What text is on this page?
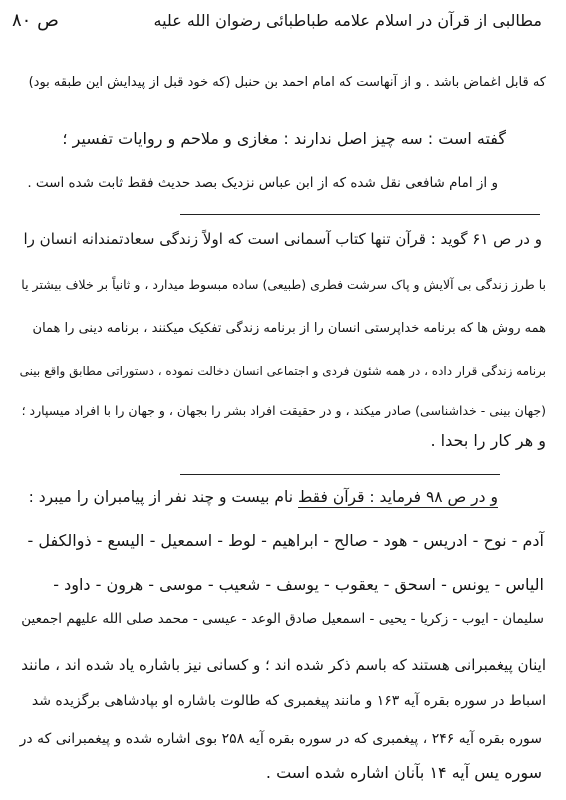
ص ۸۰	مطالبی از قرآن در اسلام علامه طباطبائی رضوان الله علیه
که قابل اغماض باشد . و از آنهاست که امام احمد بن حنبل (که خود قبل از پیدایش این طبقه بود)
گفته است : سه چیز اصل ندارند : مغازی و ملاحم و روایات تفسیر ؛
و از امام شافعی نقل شده که از ابن عباس نزدیک بصد حدیث فقط ثابت شده است .
و در ص ۶۱ گوید : قرآن تنها کتاب آسمانی است که اولاً زندگی سعادتمندانه انسان را
با طرز زندگی بی آلایش و پاک سرشت فطری (طبیعی) ساده مبسوط میدارد ، و ثانیاً بر خلاف بیشتر یا
همه روش ها که برنامه خداپرستی انسان را از برنامه زندگی تفکیک میکنند ، برنامه دینی را همان
برنامه زندگی قرار داده ، در همه شئون فردی و اجتماعی انسان دخالت نموده ، دستوراتی مطابق واقع بینی
(جهان بینی - خداشناسی) صادر میکند ، و در حقیقت افراد بشر را بجهان ، و جهان را با افراد میسپارد ؛
و هر کار را بحدا .
و در ص ۹۸ فرماید : قرآن فقط نام بیست و چند نفر از پیامبران را میبرد :
آدم - نوح - ادریس - هود - صالح - ابراهیم - لوط - اسمعیل - الیسع - ذوالکفل -
الیاس - یونس - اسحق - یعقوب - یوسف - شعیب - موسی - هرون - داود -
سلیمان - ایوب - زکریا - یحیی - اسمعیل صادق الوعد - عیسی - محمد صلی الله علیهم اجمعین
اینان پیغمبرانی هستند که باسم ذکر شده اند ؛ و کسانی نیز باشاره یاد شده اند ، مانند
اسباط در سوره بقره آیه ۱۶۳ و مانند پیغمبری که طالوت باشاره او بپادشاهی برگزیده شد
سوره بقره آیه ۲۴۶ ، پیغمبری که در سوره بقره آیه ۲۵۸ بوی اشاره شده و پیغمبرانی که در
سوره یس آیه ۱۴ بآنان اشاره شده است .
